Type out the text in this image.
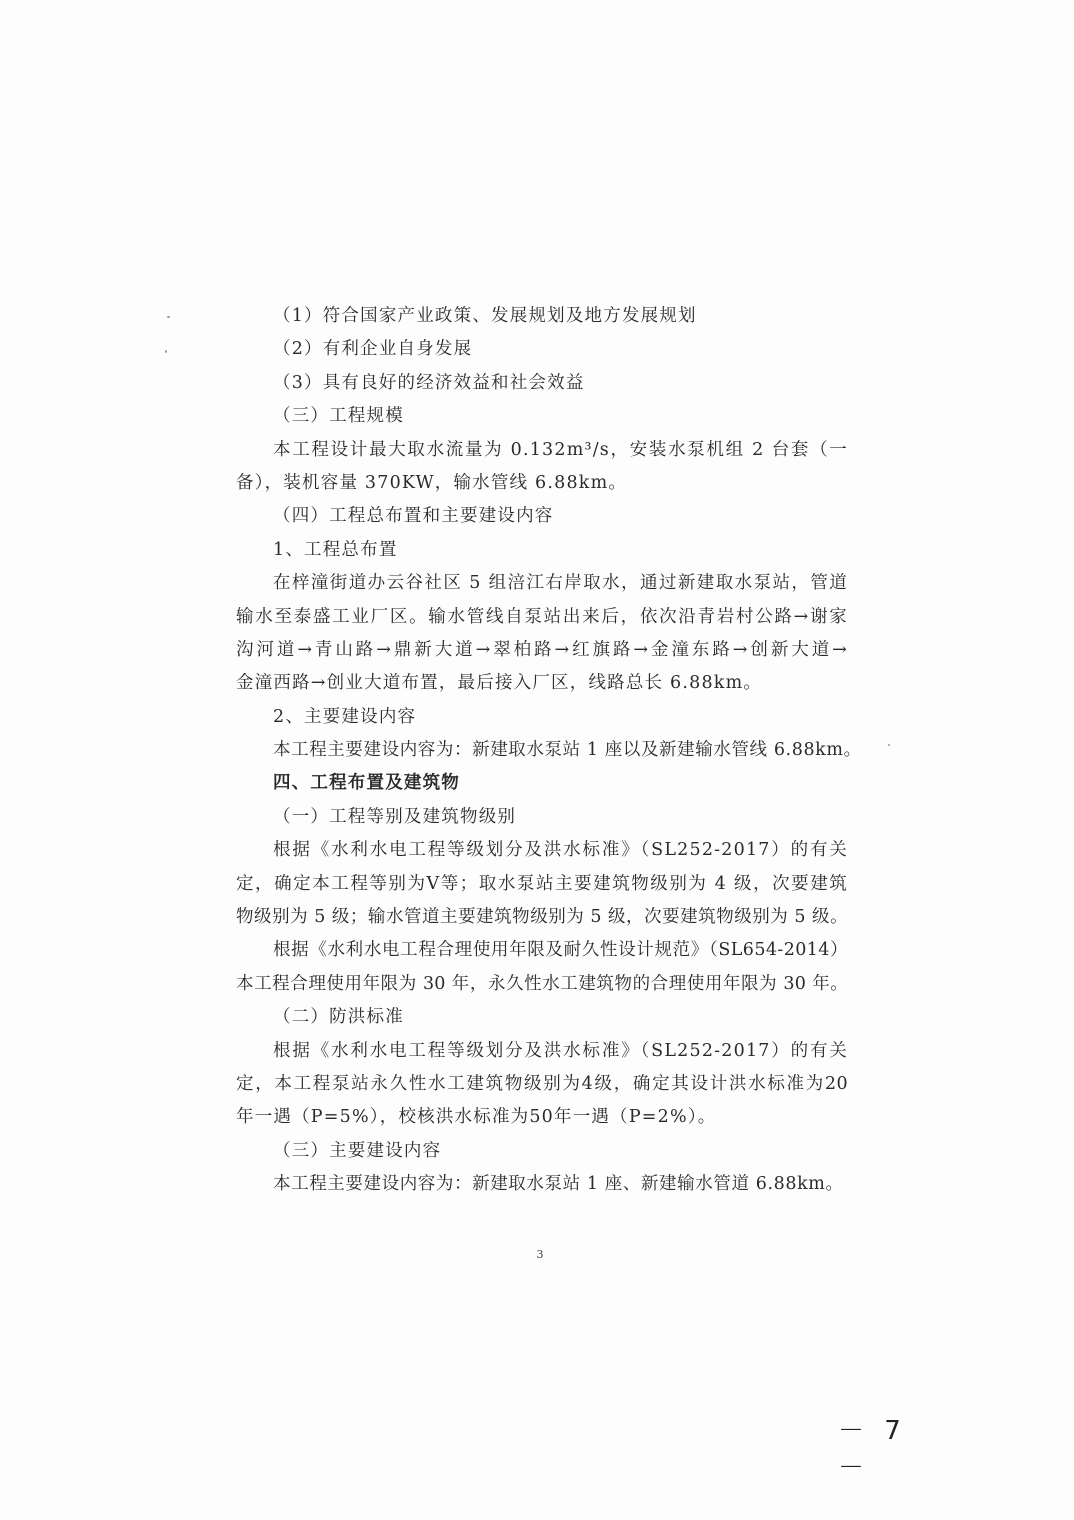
（1）符合国家产业政策、发展规划及地方发展规划
（2）有利企业自身发展
（3）具有良好的经济效益和社会效益
（三）工程规模
本工程设计最大取水流量为 0.132m³/s，安装水泵机组 2 台套（一
备），装机容量 370KW，输水管线 6.88km。
（四）工程总布置和主要建设内容
1、工程总布置
在梓潼街道办云谷社区 5 组涪江右岸取水，通过新建取水泵站，管道
输水至泰盛工业厂区。输水管线自泵站出来后，依次沿青岩村公路→谢家
沟河道→青山路→鼎新大道→翠柏路→红旗路→金潼东路→创新大道→
金潼西路→创业大道布置，最后接入厂区，线路总长 6.88km。
2、主要建设内容
本工程主要建设内容为：新建取水泵站 1 座以及新建输水管线 6.88km。
四、工程布置及建筑物
（一）工程等别及建筑物级别
根据《水利水电工程等级划分及洪水标准》（SL252-2017）的有关
定，确定本工程等别为Ⅴ等；取水泵站主要建筑物级别为 4 级，次要建筑
物级别为 5 级；输水管道主要建筑物级别为 5 级，次要建筑物级别为 5 级。
根据《水利水电工程合理使用年限及耐久性设计规范》（SL654-2014）
本工程合理使用年限为 30 年，永久性水工建筑物的合理使用年限为 30 年。
（二）防洪标准
根据《水利水电工程等级划分及洪水标准》（SL252-2017）的有关
定，本工程泵站永久性水工建筑物级别为4级，确定其设计洪水标准为20
年一遇（P=5%），校核洪水标准为50年一遇（P=2%）。
（三）主要建设内容
本工程主要建设内容为：新建取水泵站 1 座、新建输水管道 6.88km。
3
－ 7 －
